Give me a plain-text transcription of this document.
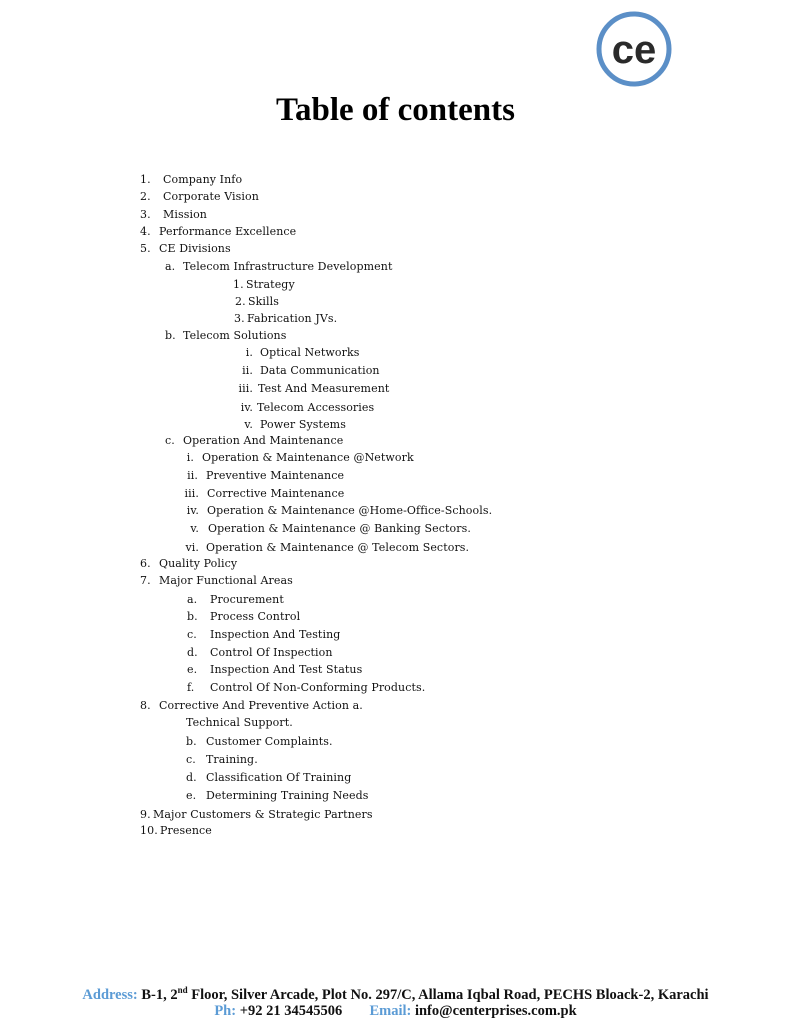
ce
Table of contents
1. Company Info
2. Corporate Vision
3. Mission
4. Performance Excellence
5. CE Divisions
a. Telecom Infrastructure Development
1. Strategy
2. Skills
3. Fabrication JVs.
b. Telecom Solutions
i. Optical Networks
ii. Data Communication
iii. Test And Measurement
iv. Telecom Accessories
v. Power Systems
c. Operation And Maintenance
i. Operation & Maintenance @Network
ii. Preventive Maintenance
iii. Corrective Maintenance
iv. Operation & Maintenance @Home-Office-Schools.
v. Operation & Maintenance @ Banking Sectors.
vi. Operation & Maintenance @ Telecom Sectors.
6. Quality Policy
7. Major Functional Areas
a. Procurement
b. Process Control
c. Inspection And Testing
d. Control Of Inspection
e. Inspection And Test Status
f. Control Of Non-Conforming Products.
8. Corrective And Preventive Action a.
Technical Support.
b. Customer Complaints.
c. Training.
d. Classification Of Training
e. Determining Training Needs
9. Major Customers & Strategic Partners
10. Presence
Address: B-1, 2nd Floor, Silver Arcade, Plot No. 297/C, Allama Iqbal Road, PECHS Bloack-2, Karachi
Ph: +92 21 34545506 Email: info@centerprises.com.pk
